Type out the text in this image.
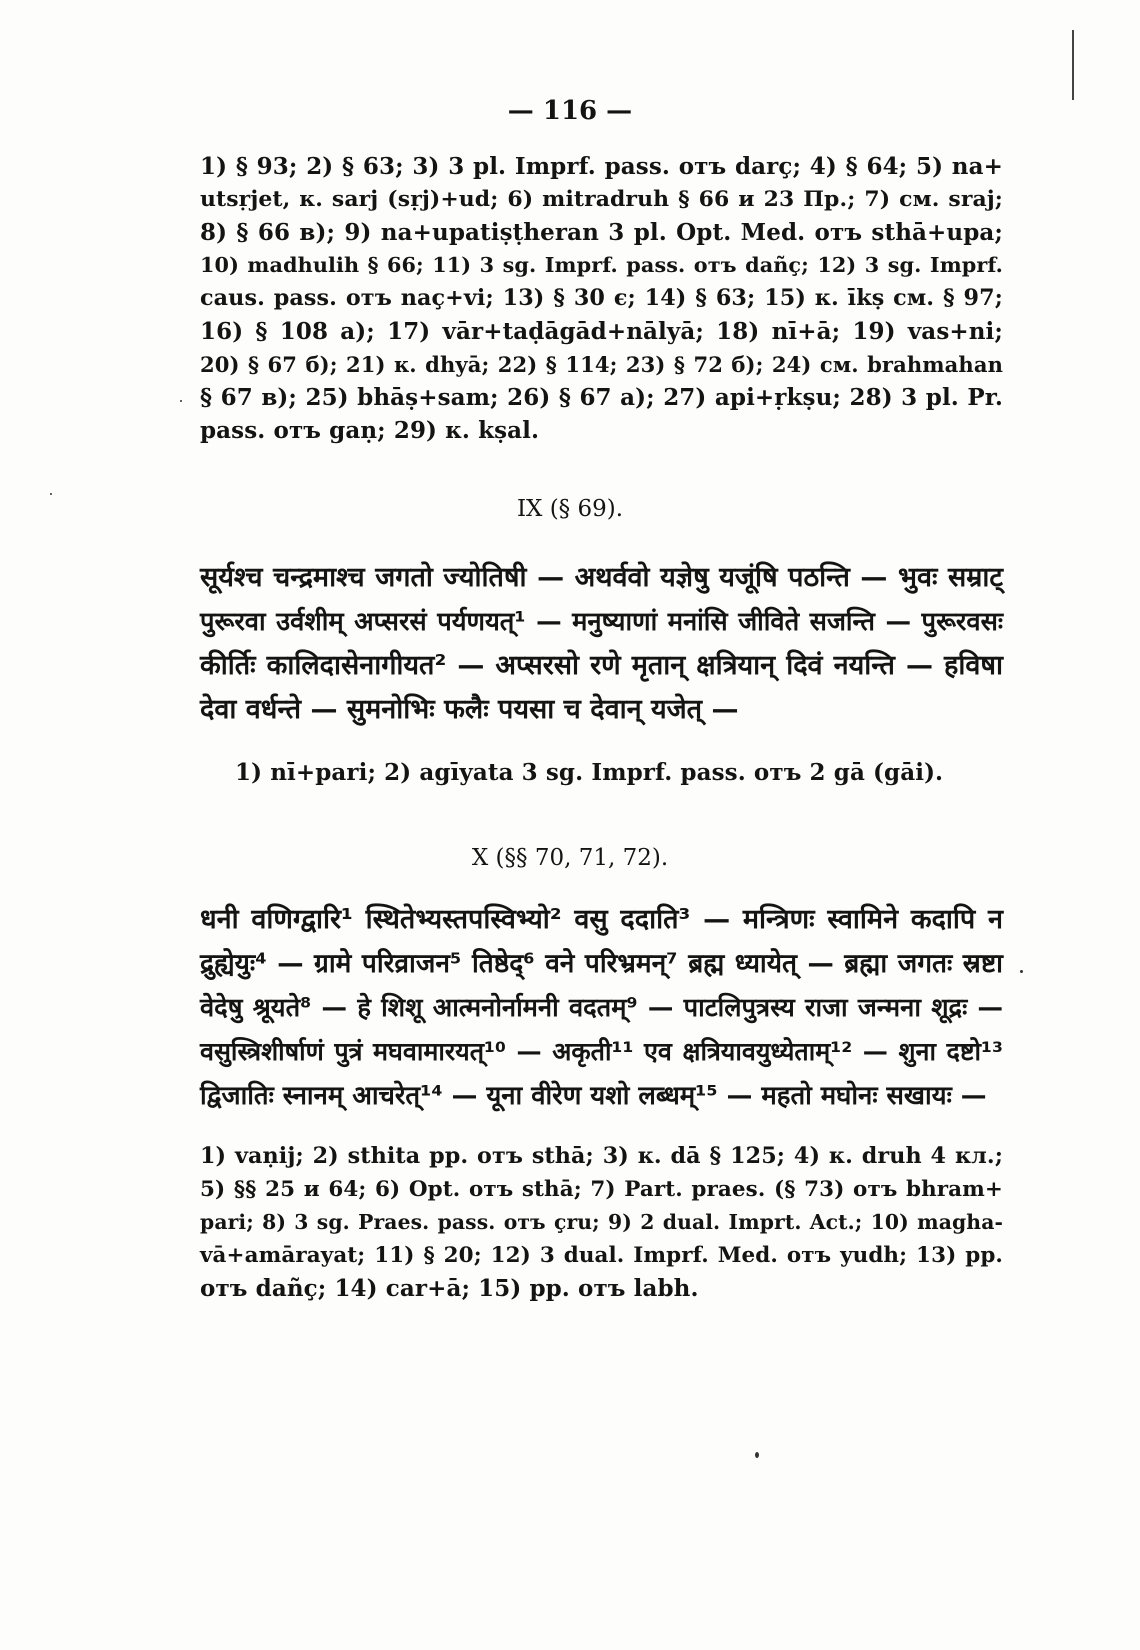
— 116 —
1) § 93; 2) § 63; 3) 3 pl. Imprf. pass. отъ darç; 4) § 64; 5) na+
utsṛjet, к. sarj (sṛj)+ud; 6) mitradruh § 66 и 23 Пр.; 7) см. sraj;
8) § 66 в); 9) na+upatiṣṭheran 3 pl. Opt. Med. отъ sthā+upa;
10) madhulih § 66; 11) 3 sg. Imprf. pass. отъ dañç; 12) 3 sg. Imprf.
caus. pass. отъ naç+vi; 13) § 30 є; 14) § 63; 15) к. īkṣ см. § 97;
16) § 108 а); 17) vār+taḍāgād+nālyā; 18) nī+ā; 19) vas+ni;
20) § 67 б); 21) к. dhyā; 22) § 114; 23) § 72 б); 24) см. brahmahan
§ 67 в); 25) bhāṣ+sam; 26) § 67 а); 27) api+ṛkṣu; 28) 3 pl. Pr.
pass. отъ gaṇ; 29) к. kṣal.
IX (§ 69).
सूर्यश्च चन्द्रमाश्च जगतो ज्योतिषी — अथर्ववो यज्ञेषु यजूंषि पठन्ति — भुवः सम्राट्
पुरूरवा उर्वशीम् अप्सरसं पर्यणयत्¹ — मनुष्याणां मनांसि जीविते सजन्ति — पुरूरवसः
कीर्तिः कालिदासेनागीयत² — अप्सरसो रणे मृतान् क्षत्रियान् दिवं नयन्ति — हविषा
देवा वर्धन्ते — सुमनोभिः फलैः पयसा च देवान् यजेत् —
1) nī+pari; 2) agīyata 3 sg. Imprf. pass. отъ 2 gā (gāi).
X (§§ 70, 71, 72).
धनी वणिग्द्वारि¹ स्थितेभ्यस्तपस्विभ्यो² वसु ददाति³ — मन्त्रिणः स्वामिने कदापि न
द्रुह्येयुः⁴ — ग्रामे परिव्राजन⁵ तिष्ठेद्⁶ वने परिभ्रमन्⁷ ब्रह्म ध्यायेत् — ब्रह्मा जगतः स्रष्टा
वेदेषु श्रूयते⁸ — हे शिशू आत्मनोर्नामनी वदतम्⁹ — पाटलिपुत्रस्य राजा जन्मना शूद्रः —
वसुस्त्रिशीर्षाणं पुत्रं मघवामारयत्¹⁰ — अकृती¹¹ एव क्षत्रियावयुध्येताम्¹² — शुना दष्टो¹³
द्विजातिः स्नानम् आचरेत्¹⁴ — यूना वीरेण यशो लब्धम्¹⁵ — महतो मघोनः सखायः —
1) vaṇij; 2) sthita pp. отъ sthā; 3) к. dā § 125; 4) к. druh 4 кл.;
5) §§ 25 и 64; 6) Opt. отъ sthā; 7) Part. praes. (§ 73) отъ bhram+
pari; 8) 3 sg. Praes. pass. отъ çru; 9) 2 dual. Imprt. Act.; 10) magha-
vā+amārayat; 11) § 20; 12) 3 dual. Imprf. Med. отъ yudh; 13) pp.
отъ dañç; 14) car+ā; 15) pp. отъ labh.
